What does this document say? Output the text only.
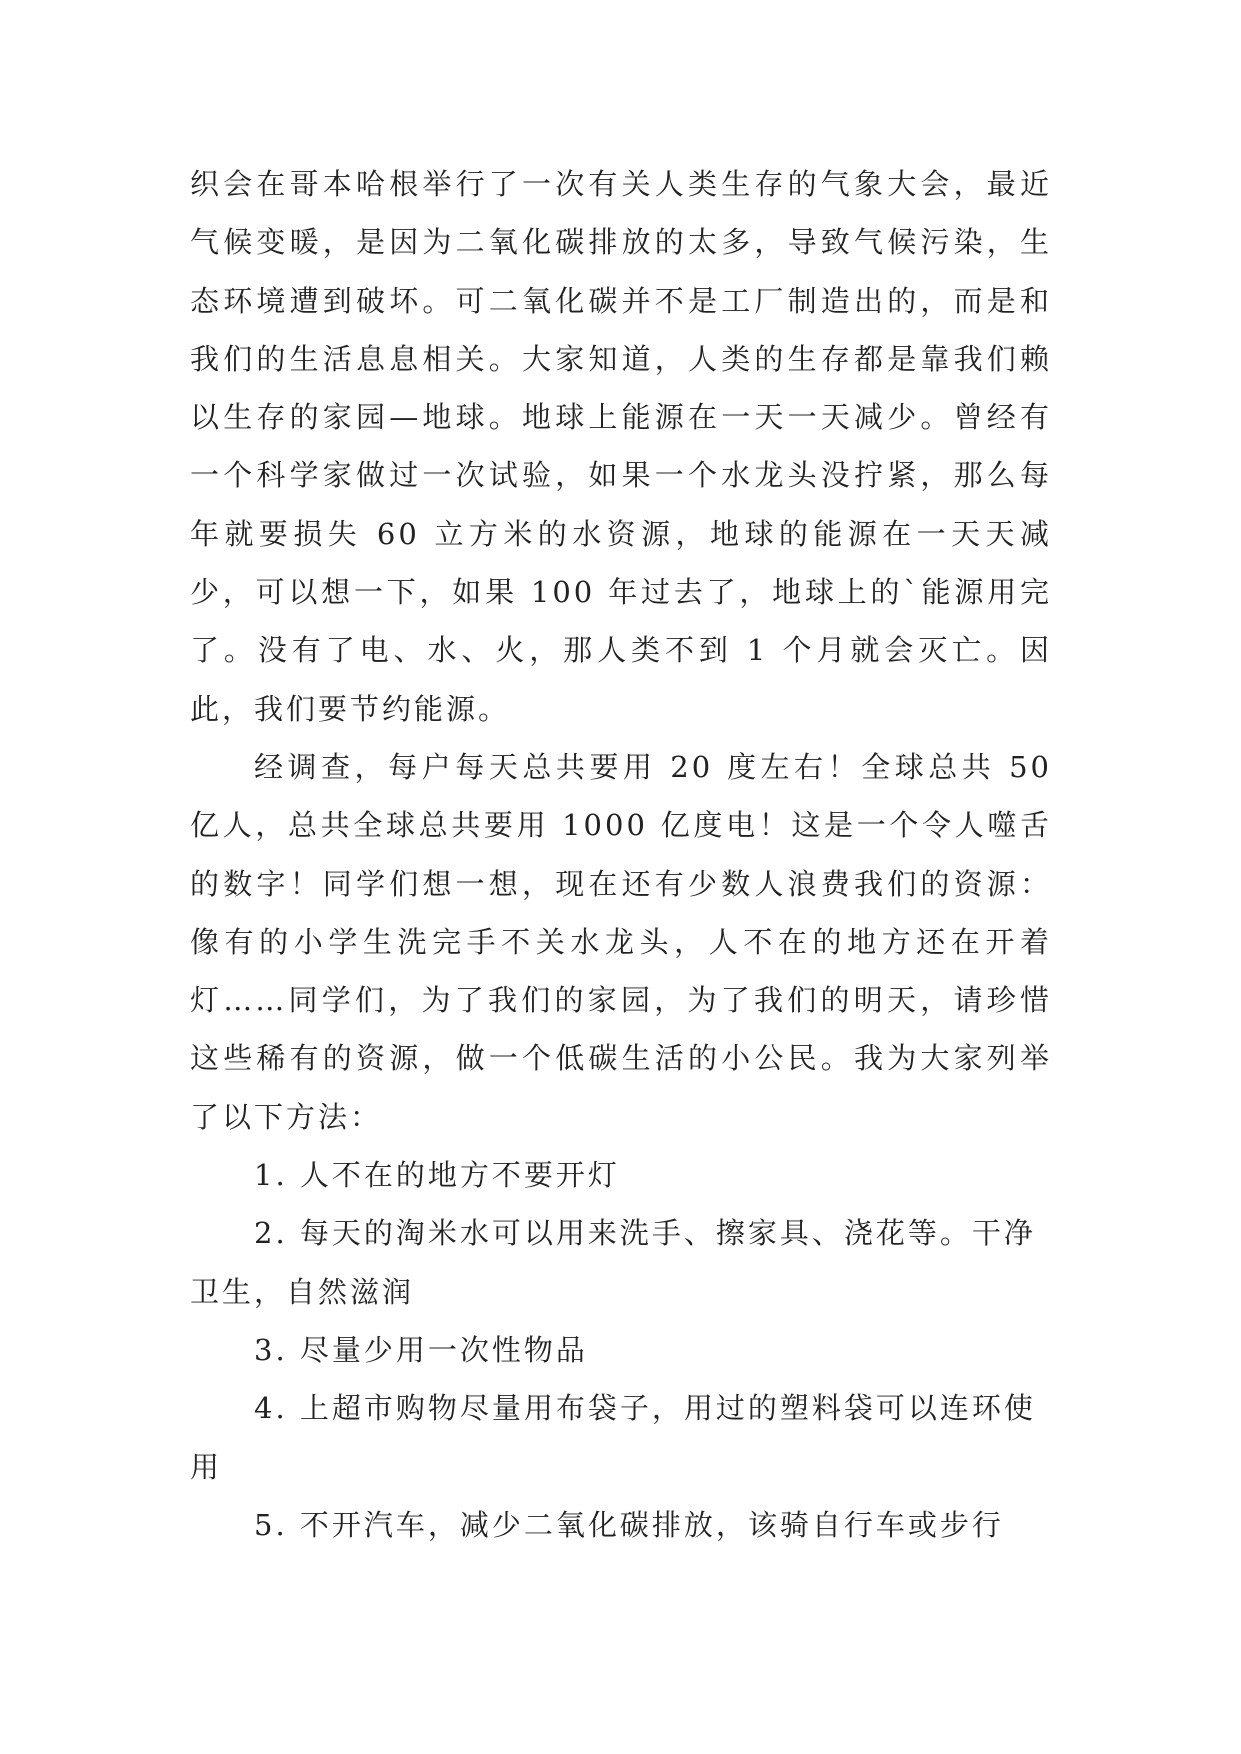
织会在哥本哈根举行了一次有关人类生存的气象大会，最近气候变暖，是因为二氧化碳排放的太多，导致气候污染，生态环境遭到破坏。可二氧化碳并不是工厂制造出的，而是和我们的生活息息相关。大家知道，人类的生存都是靠我们赖以生存的家园—地球。地球上能源在一天一天减少。曾经有一个科学家做过一次试验，如果一个水龙头没拧紧，那么每年就要损失 60 立方米的水资源，地球的能源在一天天减少，可以想一下，如果 100 年过去了，地球上的`能源用完了。没有了电、水、火，那人类不到 1 个月就会灭亡。因此，我们要节约能源。

经调查，每户每天总共要用 20 度左右！全球总共 50 亿人，总共全球总共要用 1000 亿度电！这是一个令人噬舌的数字！同学们想一想，现在还有少数人浪费我们的资源：像有的小学生洗完手不关水龙头，人不在的地方还在开着灯……同学们，为了我们的家园，为了我们的明天，请珍惜这些稀有的资源，做一个低碳生活的小公民。我为大家列举了以下方法：

1. 人不在的地方不要开灯

2. 每天的淘米水可以用来洗手、擦家具、浇花等。干净卫生，自然滋润

3. 尽量少用一次性物品

4. 上超市购物尽量用布袋子，用过的塑料袋可以连环使用

5. 不开汽车，减少二氧化碳排放，该骑自行车或步行
